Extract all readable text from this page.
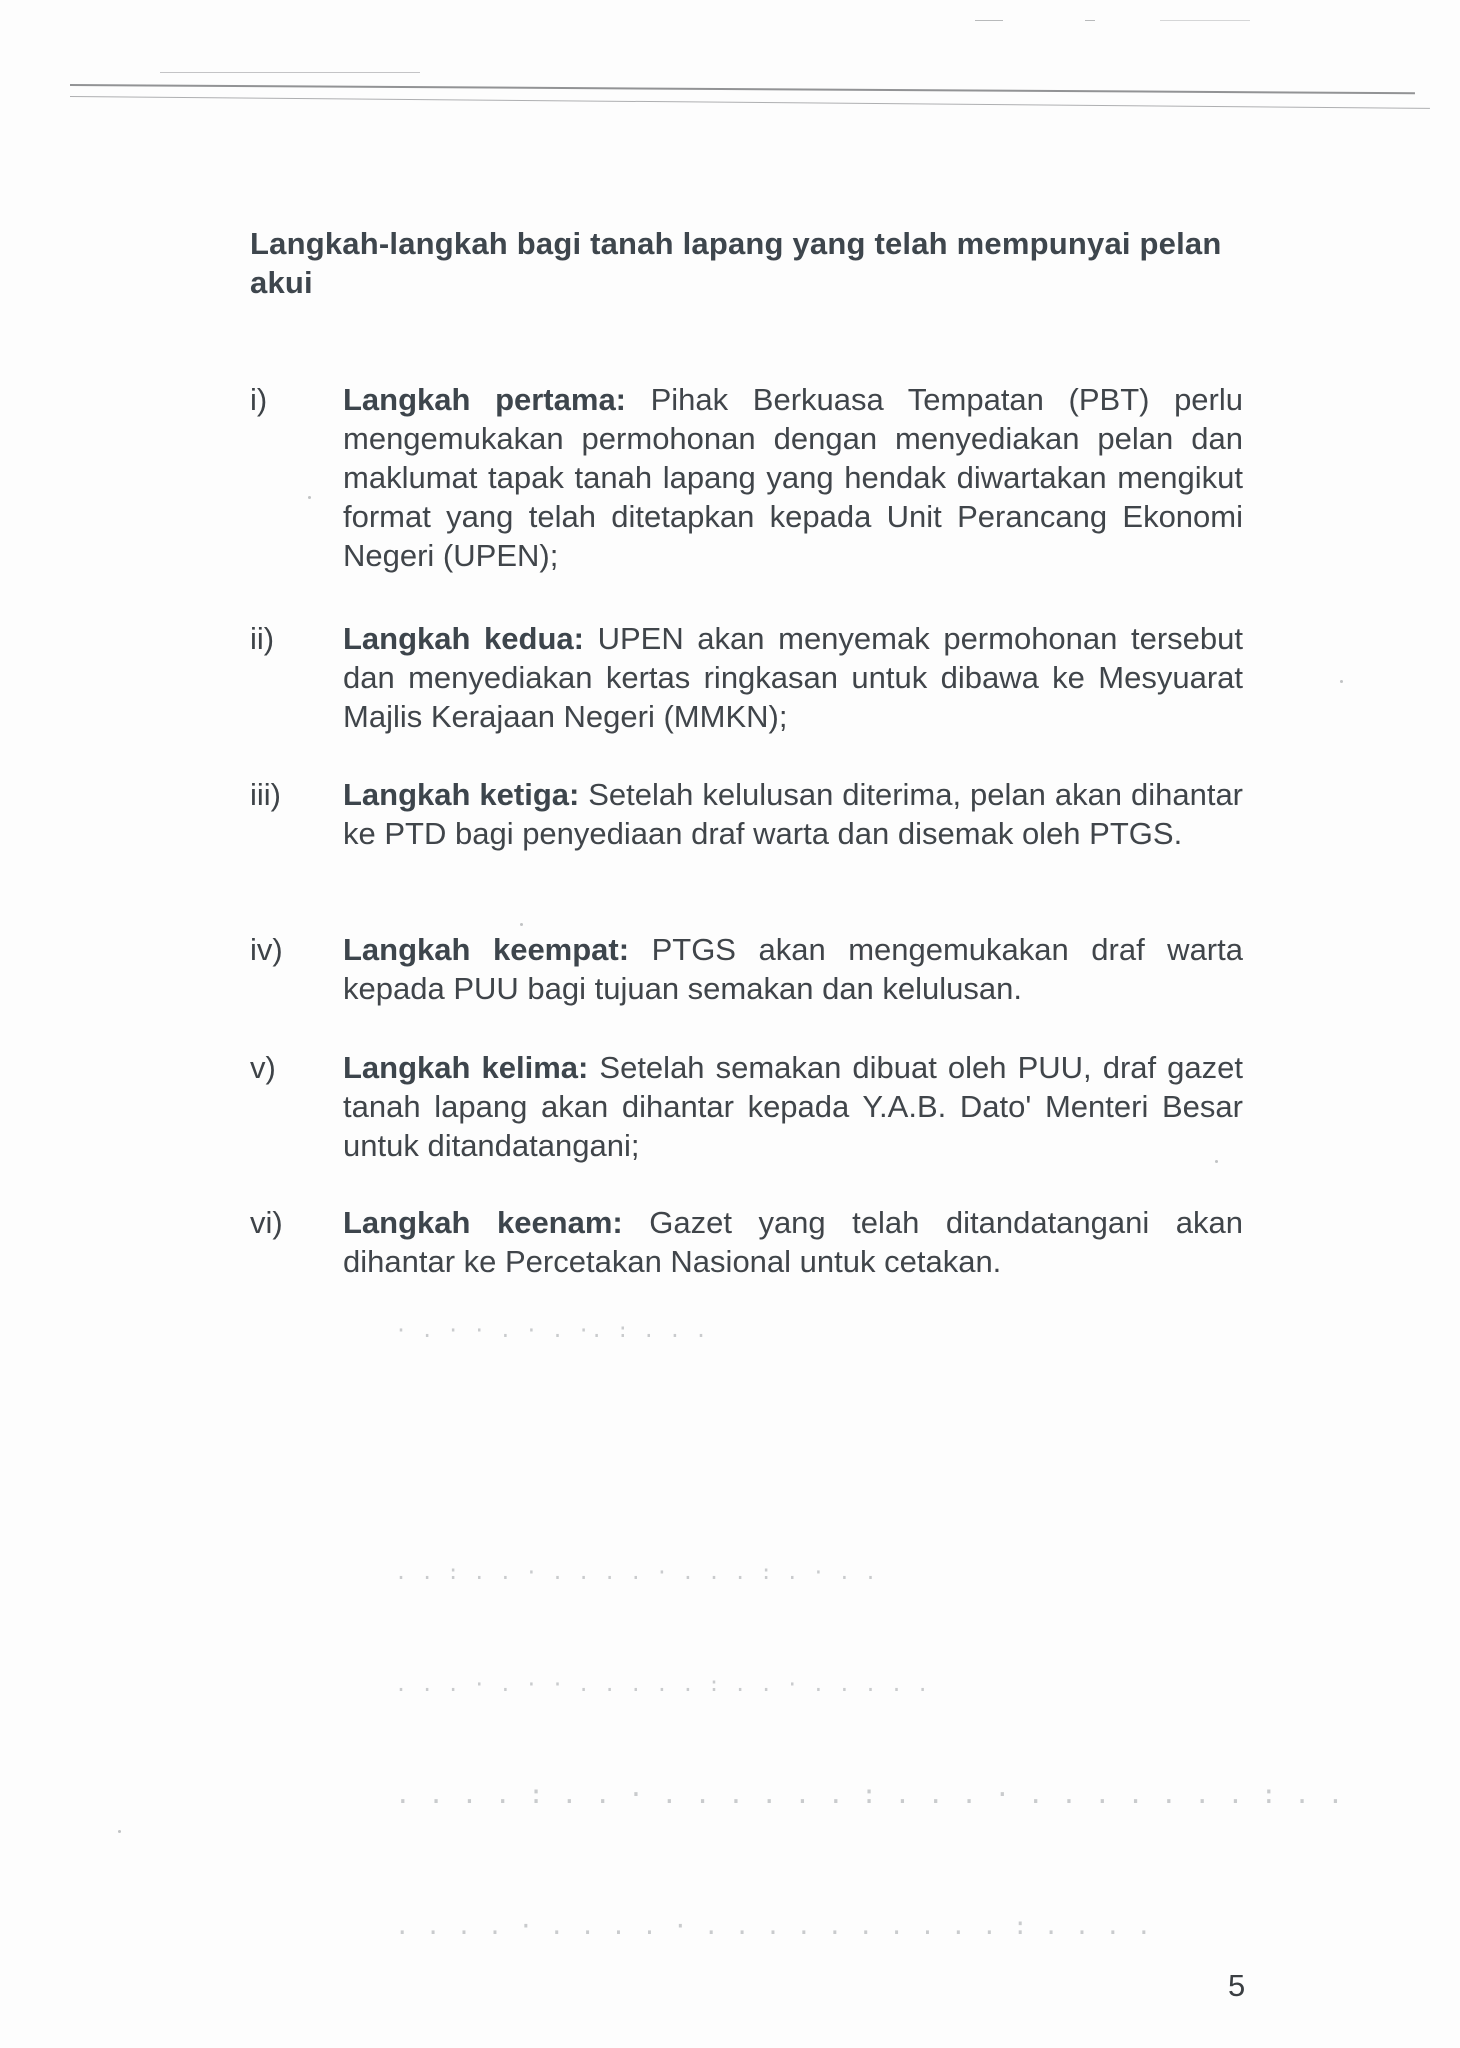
Langkah-langkah bagi tanah lapang yang telah mempunyai pelan akui
i) Langkah pertama: Pihak Berkuasa Tempatan (PBT) perlu mengemukakan permohonan dengan menyediakan pelan dan maklumat tapak tanah lapang yang hendak diwartakan mengikut format yang telah ditetapkan kepada Unit Perancang Ekonomi Negeri (UPEN);
ii) Langkah kedua: UPEN akan menyemak permohonan tersebut dan menyediakan kertas ringkasan untuk dibawa ke Mesyuarat Majlis Kerajaan Negeri (MMKN);
iii) Langkah ketiga: Setelah kelulusan diterima, pelan akan dihantar ke PTD bagi penyediaan draf warta dan disemak oleh PTGS.
iv) Langkah keempat: PTGS akan mengemukakan draf warta kepada PUU bagi tujuan semakan dan kelulusan.
v) Langkah kelima: Setelah semakan dibuat oleh PUU, draf gazet tanah lapang akan dihantar kepada Y.A.B. Dato' Menteri Besar untuk ditandatangani;
vi) Langkah keenam: Gazet yang telah ditandatangani akan dihantar ke Percetakan Nasional untuk cetakan.
· . · · . · . ·. : . . .
. . : . . · . . . . · . . . : . · . .
. . . · . · · . . . . . : . . · . . . . .
. . . . : . . · . . . . . . : . . . · . . . . . . . : . .
. . . . · . . . . · . . . . . . . . . . : . . . .
5
